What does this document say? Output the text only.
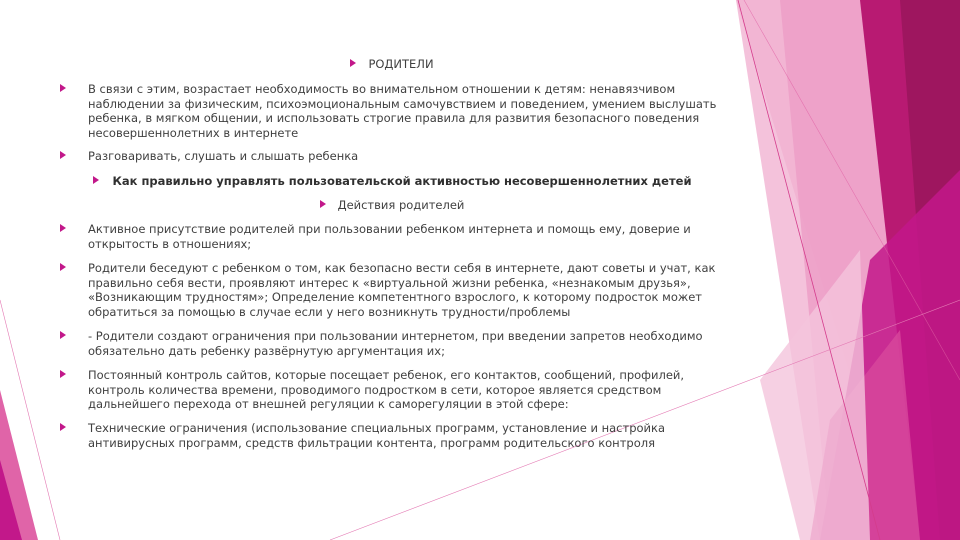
РОДИТЕЛИ
В связи с этим, возрастает необходимость во внимательном отношении к детям: ненавязчивом наблюдении за физическим, психоэмоциональным самочувствием и поведением, умением выслушать ребенка, в мягком общении, и использовать строгие правила для развития безопасного поведения несовершеннолетних в интернете
Разговаривать, слушать и слышать ребенка
Как правильно управлять пользовательской активностью несовершеннолетних детей
Действия родителей
Активное присутствие родителей при пользовании ребенком интернета и помощь ему, доверие и открытость в отношениях;
Родители беседуют с ребенком о том, как безопасно вести себя в интернете, дают советы и учат, как правильно себя вести, проявляют интерес к «виртуальной жизни ребенка, «незнакомым друзья», «Возникающим трудностям»; Определение компетентного взрослого, к которому подросток может обратиться за помощью в случае если у него возникнуть трудности/проблемы
- Родители создают ограничения при пользовании интернетом, при введении запретов необходимо обязательно дать ребенку развёрнутую аргументация их;
Постоянный контроль сайтов, которые посещает ребенок, его контактов, сообщений, профилей, контроль количества времени, проводимого подростком в сети, которое является средством дальнейшего перехода от внешней регуляции к саморегуляции в этой сфере:
Технические ограничения (использование специальных программ, установление и настройка антивирусных программ, средств фильтрации контента, программ родительского контроля
